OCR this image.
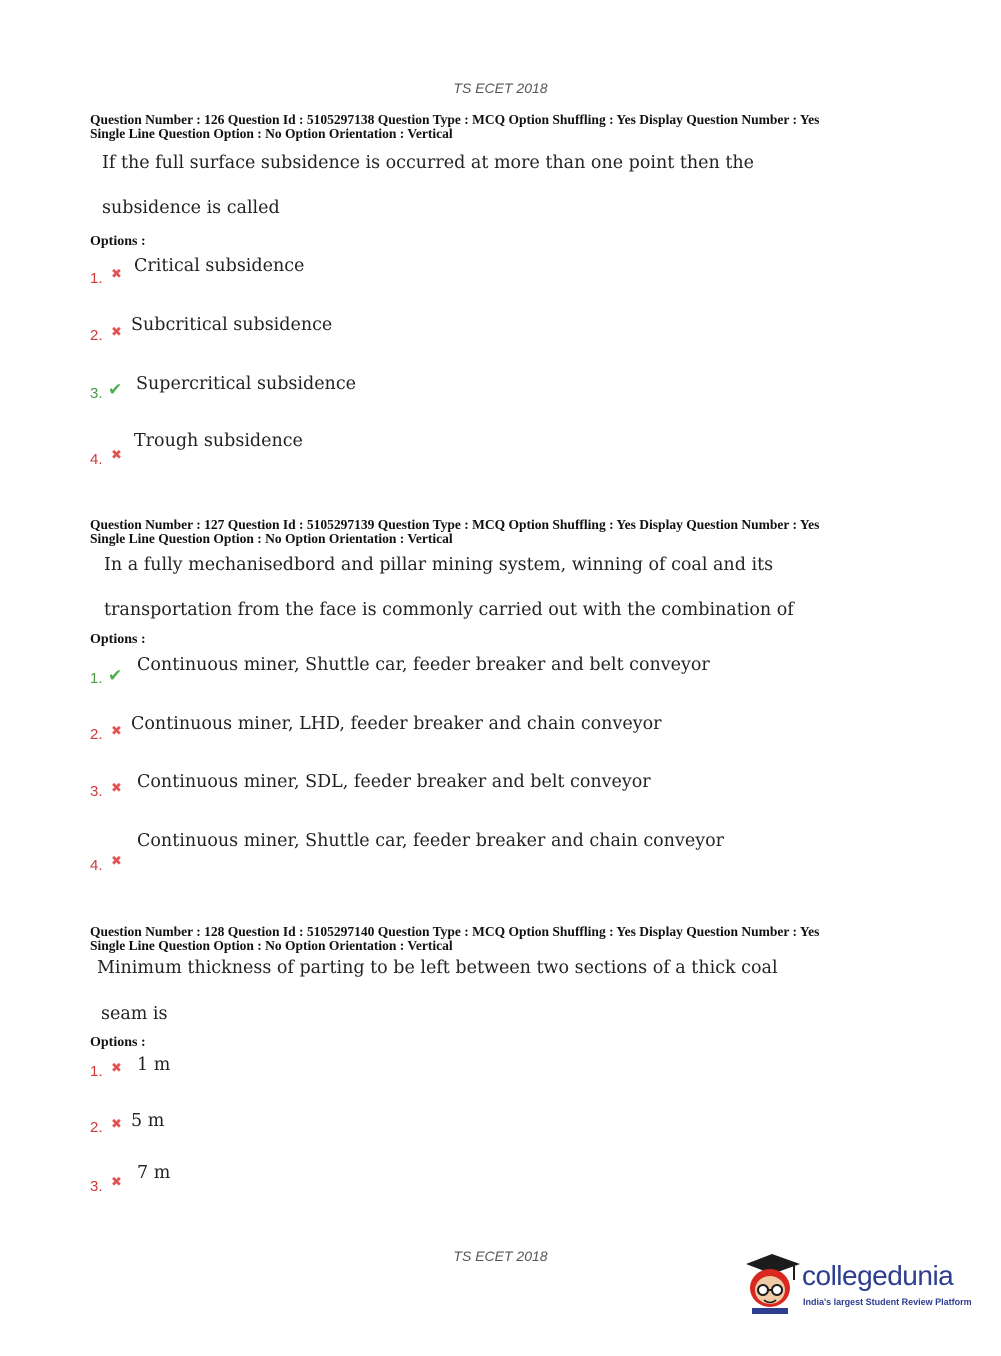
TS ECET 2018
Question Number : 126 Question Id : 5105297138 Question Type : MCQ Option Shuffling : Yes Display Question Number : Yes
Single Line Question Option : No Option Orientation : Vertical
If the full surface subsidence is occurred at more than one point then the
subsidence is called
Options :
1. ✖ Critical subsidence
2. ✖ Subcritical subsidence
3. ✔ Supercritical subsidence
4. ✖
Trough subsidence
Question Number : 127 Question Id : 5105297139 Question Type : MCQ Option Shuffling : Yes Display Question Number : Yes
Single Line Question Option : No Option Orientation : Vertical
In a fully mechanisedbord and pillar mining system, winning of coal and its
transportation from the face is commonly carried out with the combination of
Options :
1. ✔
Continuous miner, Shuttle car, feeder breaker and belt conveyor
2. ✖ Continuous miner, LHD, feeder breaker and chain conveyor
3. ✖ Continuous miner, SDL, feeder breaker and belt conveyor
4. ✖
Continuous miner, Shuttle car, feeder breaker and chain conveyor
Question Number : 128 Question Id : 5105297140 Question Type : MCQ Option Shuffling : Yes Display Question Number : Yes
Single Line Question Option : No Option Orientation : Vertical
Minimum thickness of parting to be left between two sections of a thick coal
seam is
Options :
1. ✖ 1 m
2. ✖ 5 m
3. ✖ 7 m
TS ECET 2018
collegedunia
India's largest Student Review Platform
